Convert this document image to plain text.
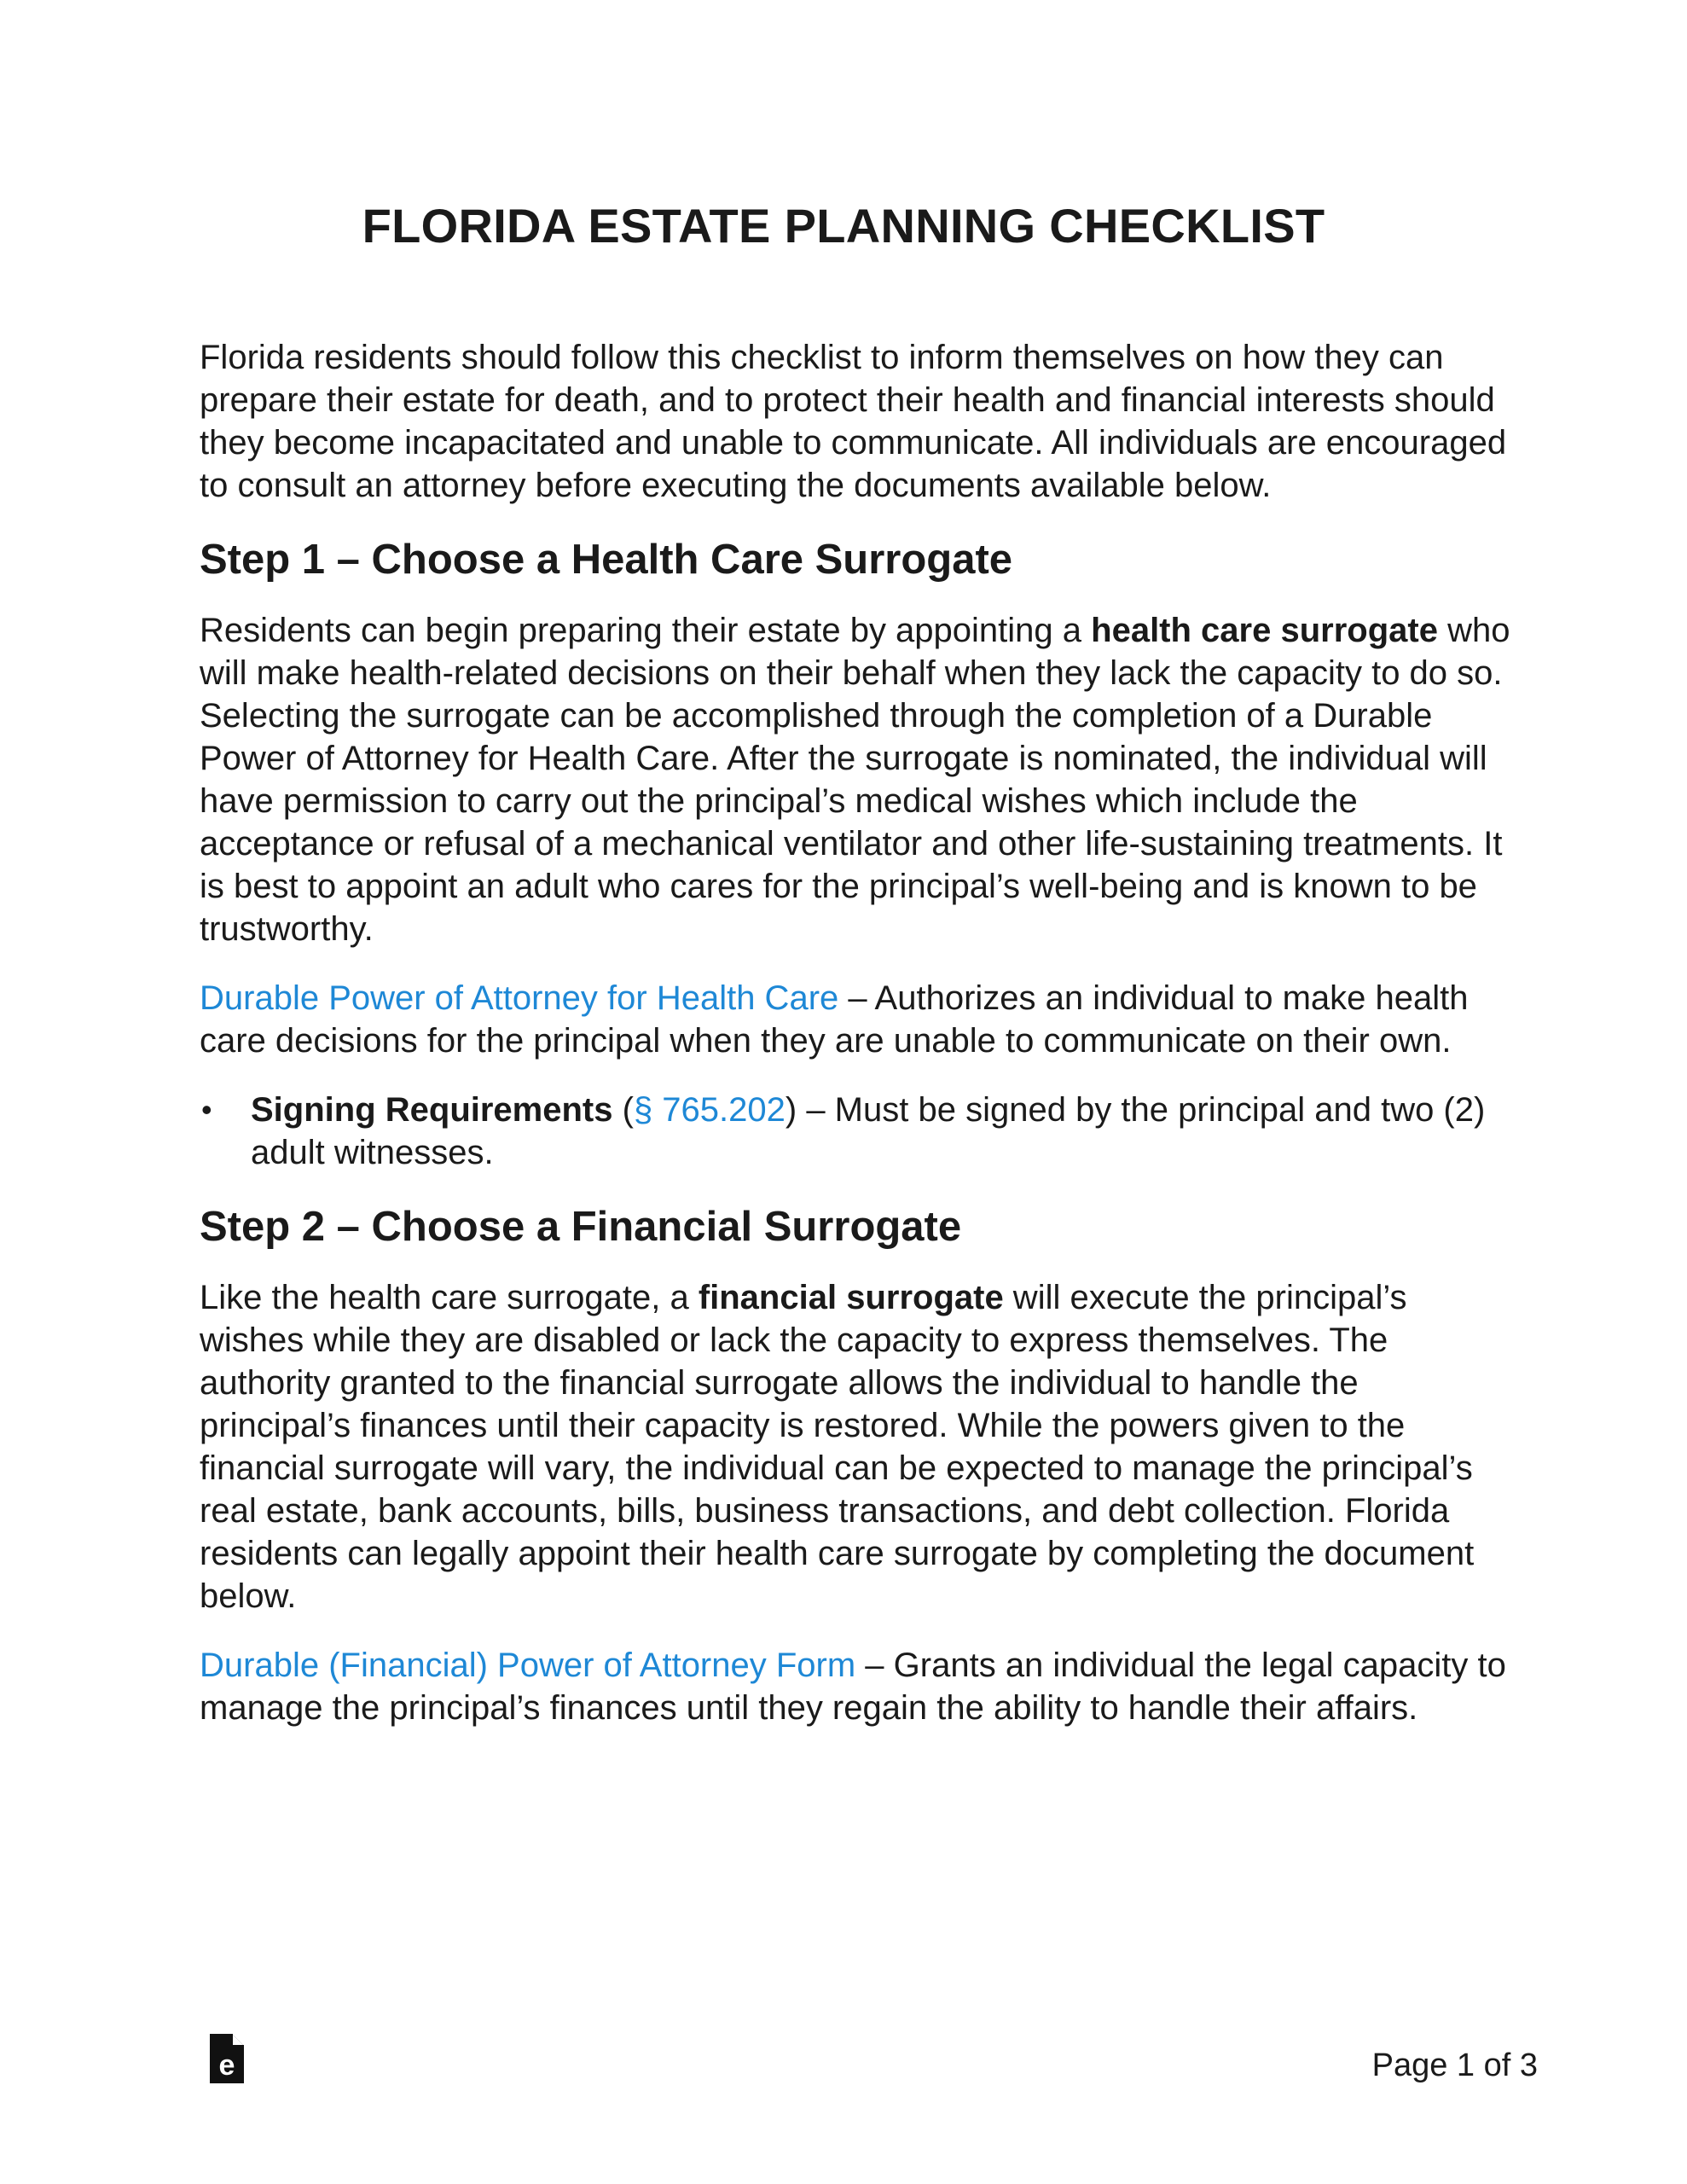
FLORIDA ESTATE PLANNING CHECKLIST

Florida residents should follow this checklist to inform themselves on how they can prepare their estate for death, and to protect their health and financial interests should they become incapacitated and unable to communicate. All individuals are encouraged to consult an attorney before executing the documents available below.

Step 1 – Choose a Health Care Surrogate

Residents can begin preparing their estate by appointing a health care surrogate who will make health-related decisions on their behalf when they lack the capacity to do so. Selecting the surrogate can be accomplished through the completion of a Durable Power of Attorney for Health Care. After the surrogate is nominated, the individual will have permission to carry out the principal’s medical wishes which include the acceptance or refusal of a mechanical ventilator and other life-sustaining treatments. It is best to appoint an adult who cares for the principal’s well-being and is known to be trustworthy.

Durable Power of Attorney for Health Care – Authorizes an individual to make health care decisions for the principal when they are unable to communicate on their own.

• Signing Requirements (§ 765.202) – Must be signed by the principal and two (2) adult witnesses.
Step 2 – Choose a Financial Surrogate

Like the health care surrogate, a financial surrogate will execute the principal’s wishes while they are disabled or lack the capacity to express themselves. The authority granted to the financial surrogate allows the individual to handle the principal’s finances until their capacity is restored. While the powers given to the financial surrogate will vary, the individual can be expected to manage the principal’s real estate, bank accounts, bills, business transactions, and debt collection. Florida residents can legally appoint their health care surrogate by completing the document below.

Durable (Financial) Power of Attorney Form – Grants an individual the legal capacity to manage the principal’s finances until they regain the ability to handle their affairs.

e	Page 1 of 3
